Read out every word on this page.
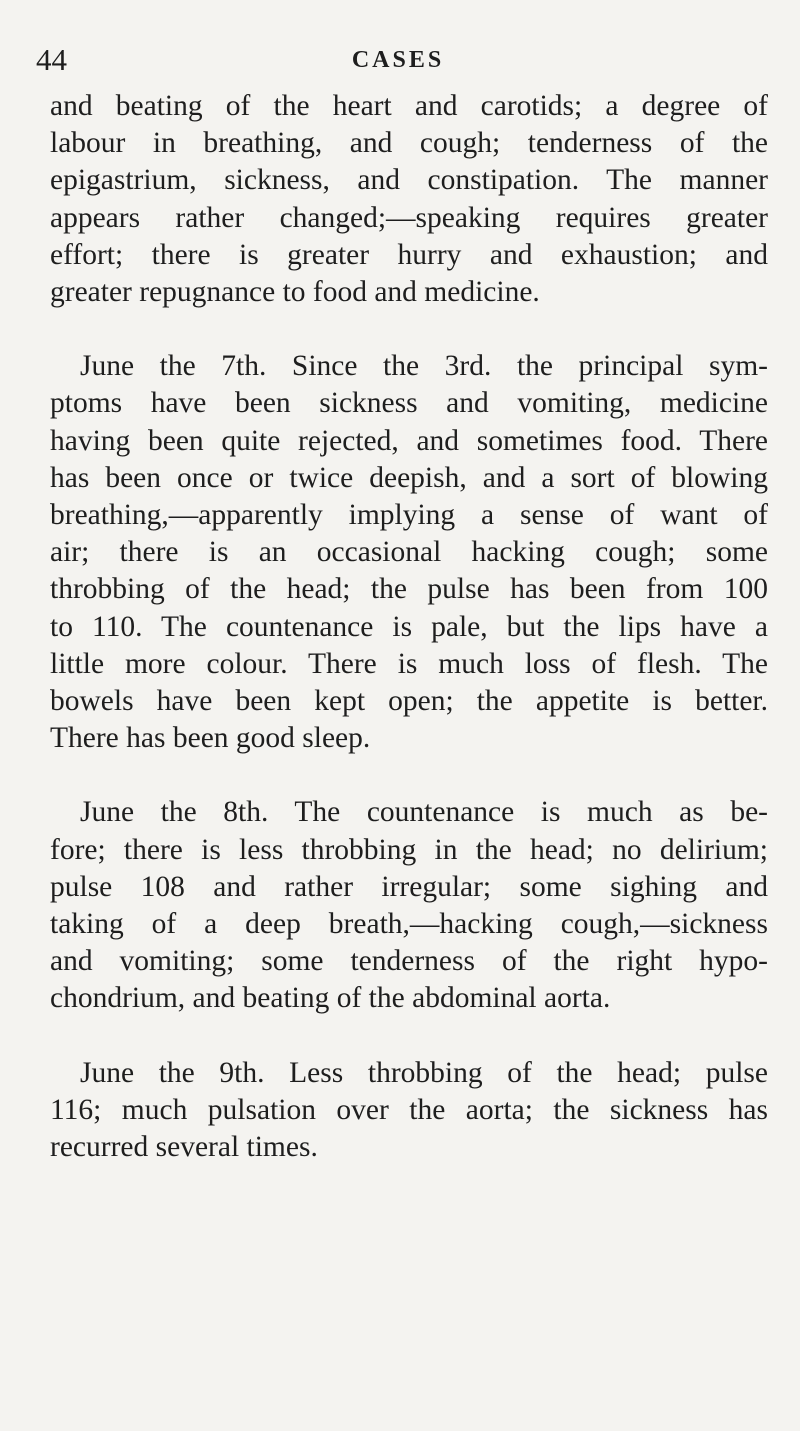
44	CASES
and beating of the heart and carotids; a degree of
labour in breathing, and cough; tenderness of the
epigastrium, sickness, and constipation. The manner
appears rather changed;—speaking requires greater
effort; there is greater hurry and exhaustion; and
greater repugnance to food and medicine.
June the 7th. Since the 3rd. the principal sym-
ptoms have been sickness and vomiting, medicine
having been quite rejected, and sometimes food. There
has been once or twice deepish, and a sort of blowing
breathing,—apparently implying a sense of want of
air; there is an occasional hacking cough; some
throbbing of the head; the pulse has been from 100
to 110. The countenance is pale, but the lips have a
little more colour. There is much loss of flesh. The
bowels have been kept open; the appetite is better.
There has been good sleep.
June the 8th. The countenance is much as be-
fore; there is less throbbing in the head; no delirium;
pulse 108 and rather irregular; some sighing and
taking of a deep breath,—hacking cough,—sickness
and vomiting; some tenderness of the right hypo-
chondrium, and beating of the abdominal aorta.
June the 9th. Less throbbing of the head; pulse
116; much pulsation over the aorta; the sickness has
recurred several times.
